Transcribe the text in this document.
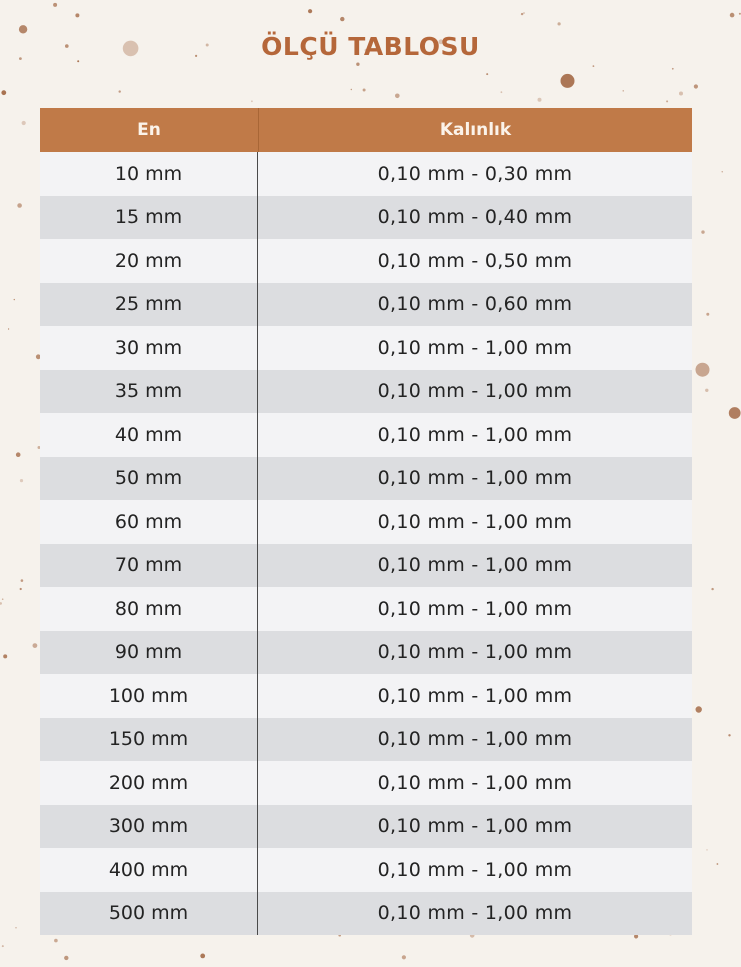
ÖLÇÜ TABLOSU
En	Kalınlık
10 mm	0,10 mm - 0,30 mm
15 mm	0,10 mm - 0,40 mm
20 mm	0,10 mm - 0,50 mm
25 mm	0,10 mm - 0,60 mm
30 mm	0,10 mm - 1,00 mm
35 mm	0,10 mm - 1,00 mm
40 mm	0,10 mm - 1,00 mm
50 mm	0,10 mm - 1,00 mm
60 mm	0,10 mm - 1,00 mm
70 mm	0,10 mm - 1,00 mm
80 mm	0,10 mm - 1,00 mm
90 mm	0,10 mm - 1,00 mm
100 mm	0,10 mm - 1,00 mm
150 mm	0,10 mm - 1,00 mm
200 mm	0,10 mm - 1,00 mm
300 mm	0,10 mm - 1,00 mm
400 mm	0,10 mm - 1,00 mm
500 mm	0,10 mm - 1,00 mm
